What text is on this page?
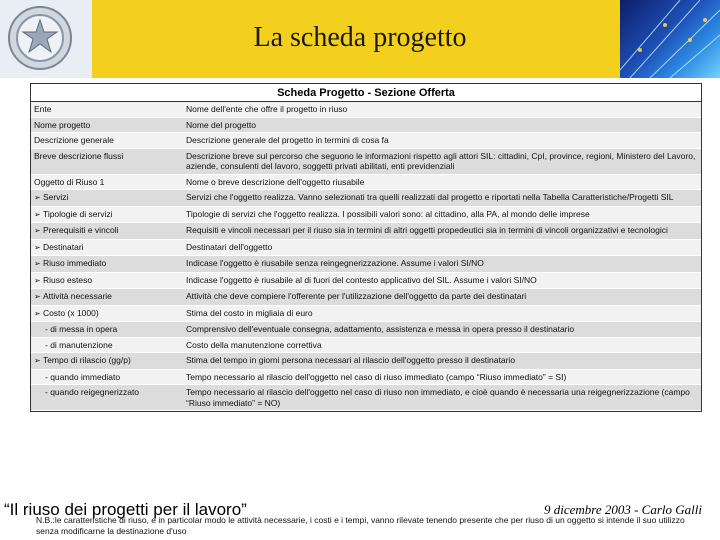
La scheda progetto
Scheda Progetto - Sezione Offerta
Ente	Nome dell'ente che offre il progetto in riuso
Nome progetto	Nome del progetto
Descrizione generale	Descrizione generale del progetto in termini di cosa fa
Breve descrizione flussi	Descrizione breve sul percorso che seguono le informazioni rispetto agli attori SIL: cittadini, CpI, province, regioni, Ministero del Lavoro, aziende, consulenti del lavoro, soggetti privati abilitati, enti previdenziali
Oggetto di Riuso 1	Nome o breve descrizione dell'oggetto riusabile
➢ Servizi	Servizi che l'oggetto realizza. Vanno selezionati tra quelli realizzati dal progetto e riportati nella Tabella Caratteristiche/Progetti SIL
➢ Tipologie di servizi	Tipologie di servizi che l'oggetto realizza. I possibili valori sono: al cittadino, alla PA, al mondo delle imprese
➢ Prerequisiti e vincoli	Requisiti e vincoli necessari per il riuso sia in termini di altri oggetti propedeutici sia in termini di vincoli organizzativi e tecnologici
➢ Destinatari	Destinatari dell'oggetto
➢ Riuso immediato	Indicase l'oggetto è riusabile senza reingegnerizzazione. Assume i valori SI/NO
➢ Riuso esteso	Indicase l'oggetto è riusabile al di fuori del contesto applicativo del SIL. Assume i valori SI/NO
➢ Attività necessarie	Attività che deve compiere l'offerente per l'utilizzazione dell'oggetto da parte dei destinatari
➢ Costo (x 1000)	Stima del costo in migliaia di euro
- di messa in opera	Comprensivo dell'eventuale consegna, adattamento, assistenza e messa in opera presso il destinatario
- di manutenzione	Costo della manutenzione correttiva
➢ Tempo di rilascio (gg/p)	Stima del tempo in giorni persona necessari al rilascio dell'oggetto presso il destinatario
- quando immediato	Tempo necessario al rilascio dell'oggetto nel caso di riuso immediato (campo “Riuso immediato” = SI)
- quando reigegnerizzato	Tempo necessario al rilascio dell'oggetto nel caso di riuso non immediato, e cioè quando è necessaria una reigegnerizzazione (campo “Riuso immediato” = NO)
“Il riuso dei progetti per il lavoro”	9 dicembre 2003 - Carlo Galli
N.B.:le caratteristiche di riuso, e in particolar modo le attività necessarie, i costi e i tempi, vanno rilevate tenendo presente che per riuso di un oggetto si intende il suo utilizzo senza modificarne la destinazione d'uso
